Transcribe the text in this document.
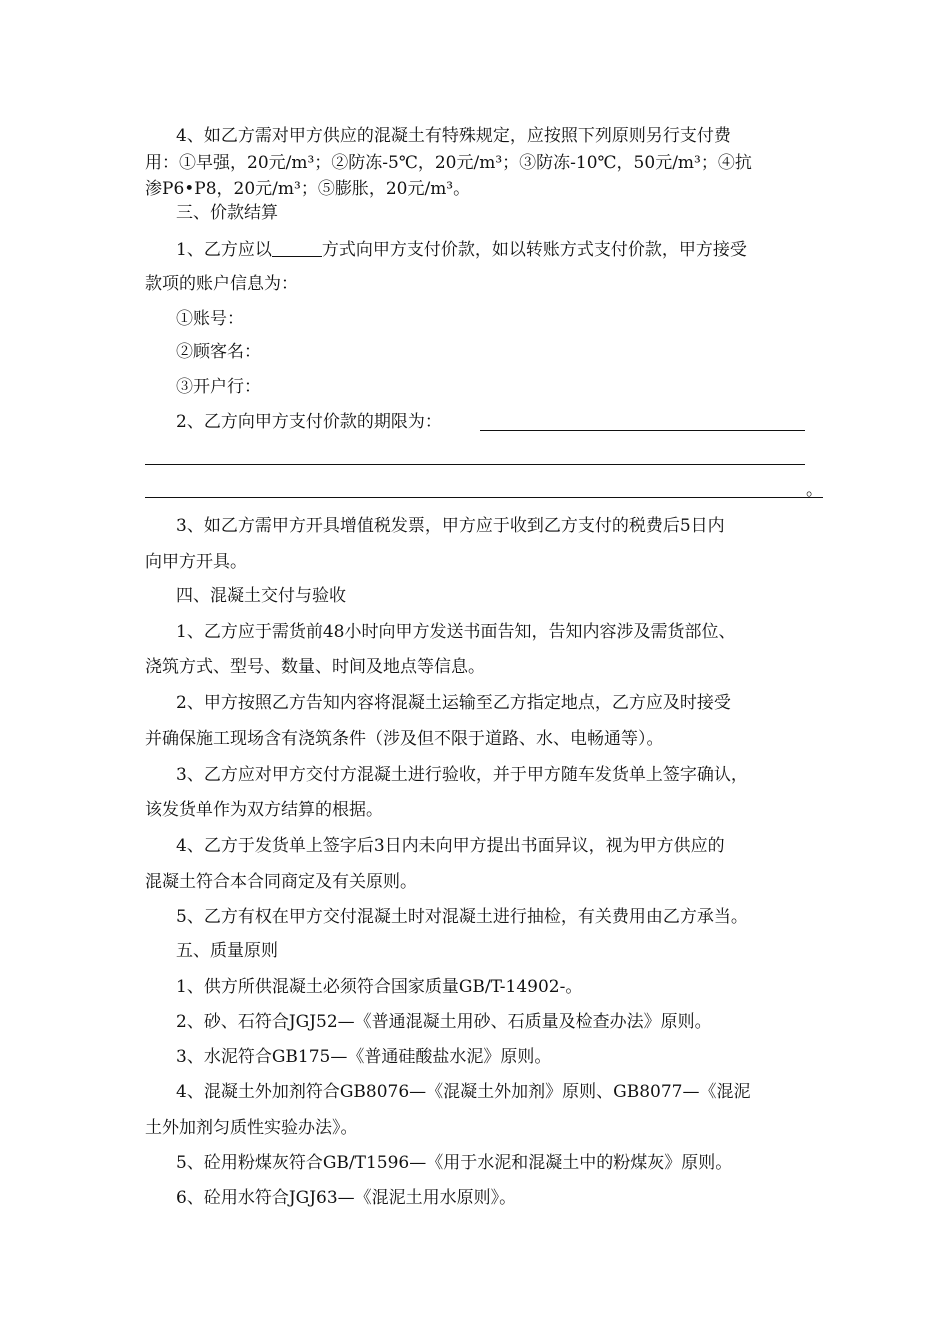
4、如乙方需对甲方供应的混凝土有特殊规定，应按照下列原则另行支付费
用：①早强，20元/m³；②防冻-5℃，20元/m³；③防冻-10℃，50元/m³；④抗
渗P6•P8，20元/m³；⑤膨胀，20元/m³。
三、价款结算
1、乙方应以	方式向甲方支付价款，如以转账方式支付价款，甲方接受
款项的账户信息为：
①账号：
②顾客名：
③开户行：
2、乙方向甲方支付价款的期限为：
。
3、如乙方需甲方开具增值税发票，甲方应于收到乙方支付的税费后5日内
向甲方开具。
四、混凝土交付与验收
1、乙方应于需货前48小时向甲方发送书面告知，告知内容涉及需货部位、
浇筑方式、型号、数量、时间及地点等信息。
2、甲方按照乙方告知内容将混凝土运输至乙方指定地点，乙方应及时接受
并确保施工现场含有浇筑条件（涉及但不限于道路、水、电畅通等）。
3、乙方应对甲方交付方混凝土进行验收，并于甲方随车发货单上签字确认，
该发货单作为双方结算的根据。
4、乙方于发货单上签字后3日内未向甲方提出书面异议，视为甲方供应的
混凝土符合本合同商定及有关原则。
5、乙方有权在甲方交付混凝土时对混凝土进行抽检，有关费用由乙方承当。
五、质量原则
1、供方所供混凝土必须符合国家质量GB/T-14902-。
2、砂、石符合JGJ52—《普通混凝土用砂、石质量及检查办法》原则。
3、水泥符合GB175—《普通硅酸盐水泥》原则。
4、混凝土外加剂符合GB8076—《混凝土外加剂》原则、GB8077—《混泥
土外加剂匀质性实验办法》。
5、砼用粉煤灰符合GB/T1596—《用于水泥和混凝土中的粉煤灰》原则。
6、砼用水符合JGJ63—《混泥土用水原则》。
